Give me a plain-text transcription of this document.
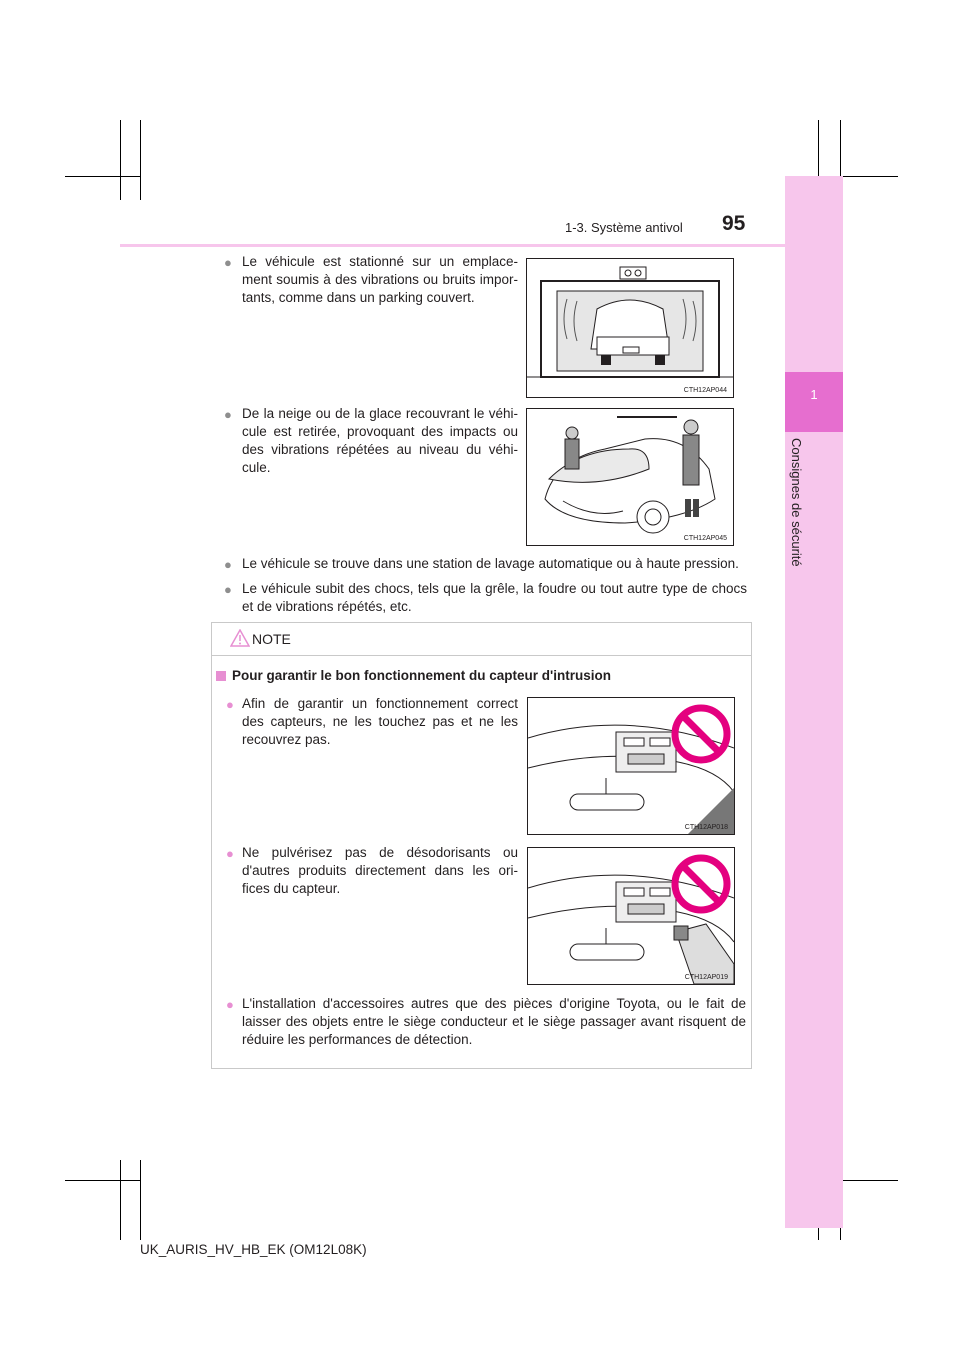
1
Consignes de sécurité
1-3. Système antivol 95
● Le véhicule est stationné sur un emplace-ment soumis à des vibrations ou bruits impor-tants, comme dans un parking couvert.
CTH12AP044
● De la neige ou de la glace recouvrant le véhi-cule est retirée, provoquant des impacts ou des vibrations répétées au niveau du véhi-cule.
CTH12AP045
● Le véhicule se trouve dans une station de lavage automatique ou à haute pression.
● Le véhicule subit des chocs, tels que la grêle, la foudre ou tout autre type de chocs et de vibrations répétés, etc.
NOTE
Pour garantir le bon fonctionnement du capteur d'intrusion
● Afin de garantir un fonctionnement correct des capteurs, ne les touchez pas et ne les recouvrez pas.
CTH12AP018
● Ne pulvérisez pas de désodorisants ou d'autres produits directement dans les ori-fices du capteur.
CTH12AP019
● L'installation d'accessoires autres que des pièces d'origine Toyota, ou le fait de laisser des objets entre le siège conducteur et le siège passager avant risquent de réduire les performances de détection.
UK_AURIS_HV_HB_EK (OM12L08K)
